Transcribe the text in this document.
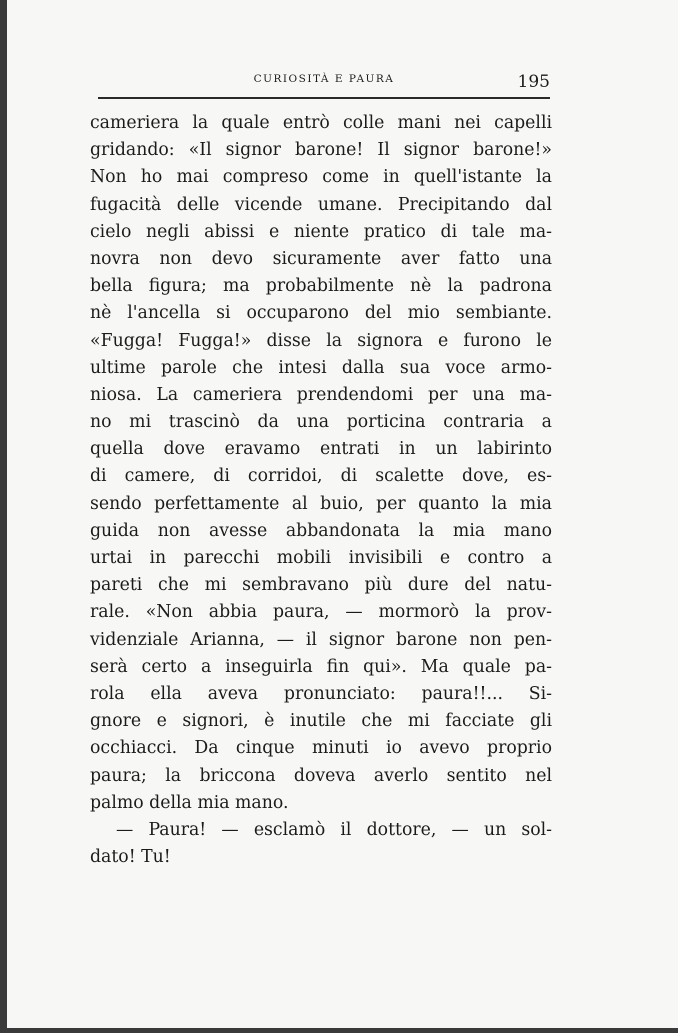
CURIOSITÀ E PAURA	195
cameriera la quale entrò colle mani nei capelli
gridando: «Il signor barone! Il signor barone!»
Non ho mai compreso come in quell'istante la
fugacità delle vicende umane. Precipitando dal
cielo negli abissi e niente pratico di tale ma-
novra non devo sicuramente aver fatto una
bella figura; ma probabilmente nè la padrona
nè l'ancella si occuparono del mio sembiante.
«Fugga! Fugga!» disse la signora e furono le
ultime parole che intesi dalla sua voce armo-
niosa. La cameriera prendendomi per una ma-
no mi trascinò da una porticina contraria a
quella dove eravamo entrati in un labirinto
di camere, di corridoi, di scalette dove, es-
sendo perfettamente al buio, per quanto la mia
guida non avesse abbandonata la mia mano
urtai in parecchi mobili invisibili e contro a
pareti che mi sembravano più dure del natu-
rale. «Non abbia paura, — mormorò la prov-
videnziale Arianna, — il signor barone non pen-
serà certo a inseguirla fin qui». Ma quale pa-
rola ella aveva pronunciato: paura!!... Si-
gnore e signori, è inutile che mi facciate gli
occhiacci. Da cinque minuti io avevo proprio
paura; la briccona doveva averlo sentito nel
palmo della mia mano.
— Paura! — esclamò il dottore, — un sol-
dato! Tu!
